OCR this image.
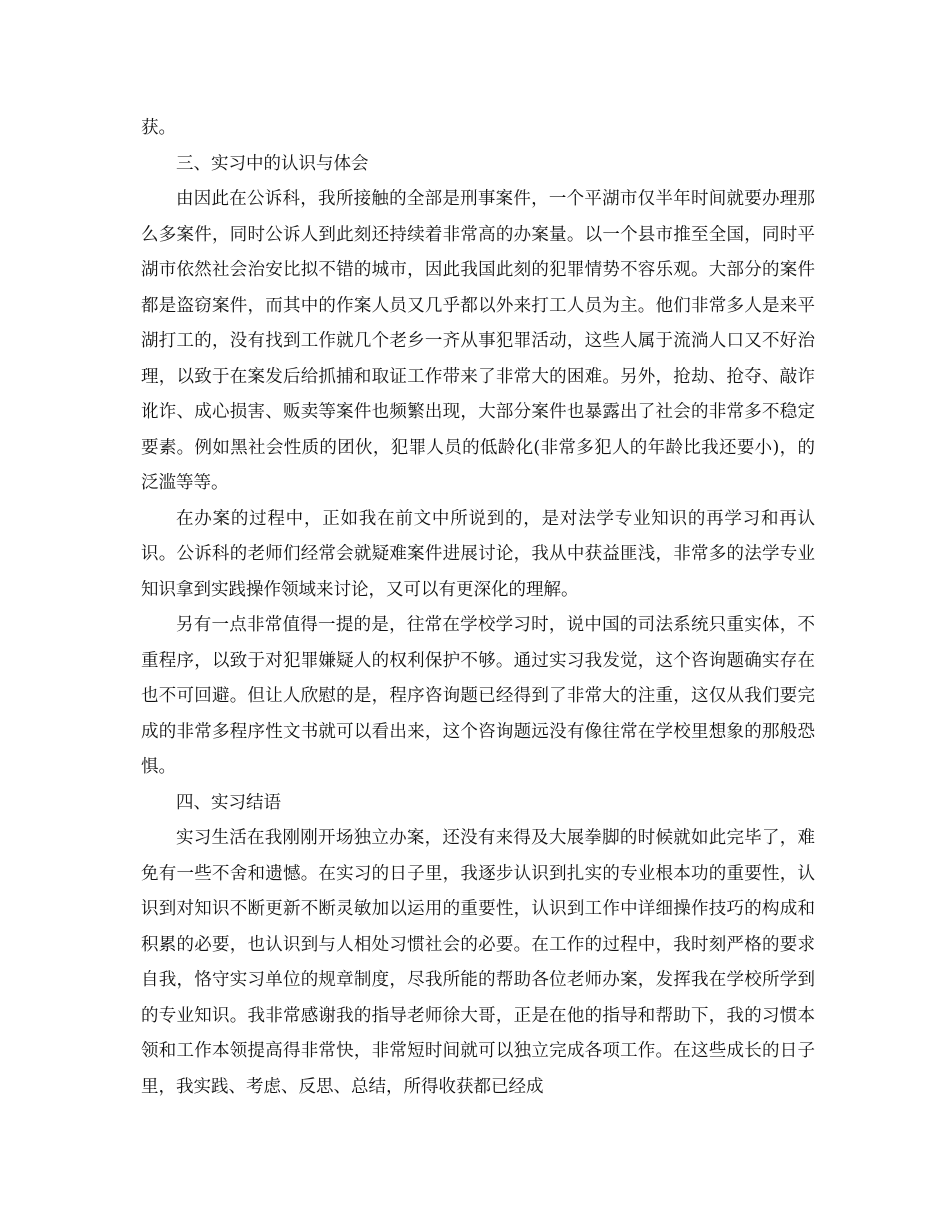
获。

三、实习中的认识与体会

由因此在公诉科，我所接触的全部是刑事案件，一个平湖市仅半年时间就要办理那么多案件，同时公诉人到此刻还持续着非常高的办案量。以一个县市推至全国，同时平湖市依然社会治安比拟不错的城市，因此我国此刻的犯罪情势不容乐观。大部分的案件都是盗窃案件，而其中的作案人员又几乎都以外来打工人员为主。他们非常多人是来平湖打工的，没有找到工作就几个老乡一齐从事犯罪活动，这些人属于流淌人口又不好治理，以致于在案发后给抓捕和取证工作带来了非常大的困难。另外，抢劫、抢夺、敲诈讹诈、成心损害、贩卖等案件也频繁出现，大部分案件也暴露出了社会的非常多不稳定要素。例如黑社会性质的团伙，犯罪人员的低龄化(非常多犯人的年龄比我还要小)，的泛滥等等。

在办案的过程中，正如我在前文中所说到的，是对法学专业知识的再学习和再认识。公诉科的老师们经常会就疑难案件进展讨论，我从中获益匪浅，非常多的法学专业知识拿到实践操作领域来讨论，又可以有更深化的理解。

另有一点非常值得一提的是，往常在学校学习时，说中国的司法系统只重实体，不重程序，以致于对犯罪嫌疑人的权利保护不够。通过实习我发觉，这个咨询题确实存在也不可回避。但让人欣慰的是，程序咨询题已经得到了非常大的注重，这仅从我们要完成的非常多程序性文书就可以看出来，这个咨询题远没有像往常在学校里想象的那般恐惧。

四、实习结语

实习生活在我刚刚开场独立办案，还没有来得及大展拳脚的时候就如此完毕了，难免有一些不舍和遗憾。在实习的日子里，我逐步认识到扎实的专业根本功的重要性，认识到对知识不断更新不断灵敏加以运用的重要性，认识到工作中详细操作技巧的构成和积累的必要，也认识到与人相处习惯社会的必要。在工作的过程中，我时刻严格的要求自我，恪守实习单位的规章制度，尽我所能的帮助各位老师办案，发挥我在学校所学到的专业知识。我非常感谢我的指导老师徐大哥，正是在他的指导和帮助下，我的习惯本领和工作本领提高得非常快，非常短时间就可以独立完成各项工作。在这些成长的日子里，我实践、考虑、反思、总结，所得收获都已经成
